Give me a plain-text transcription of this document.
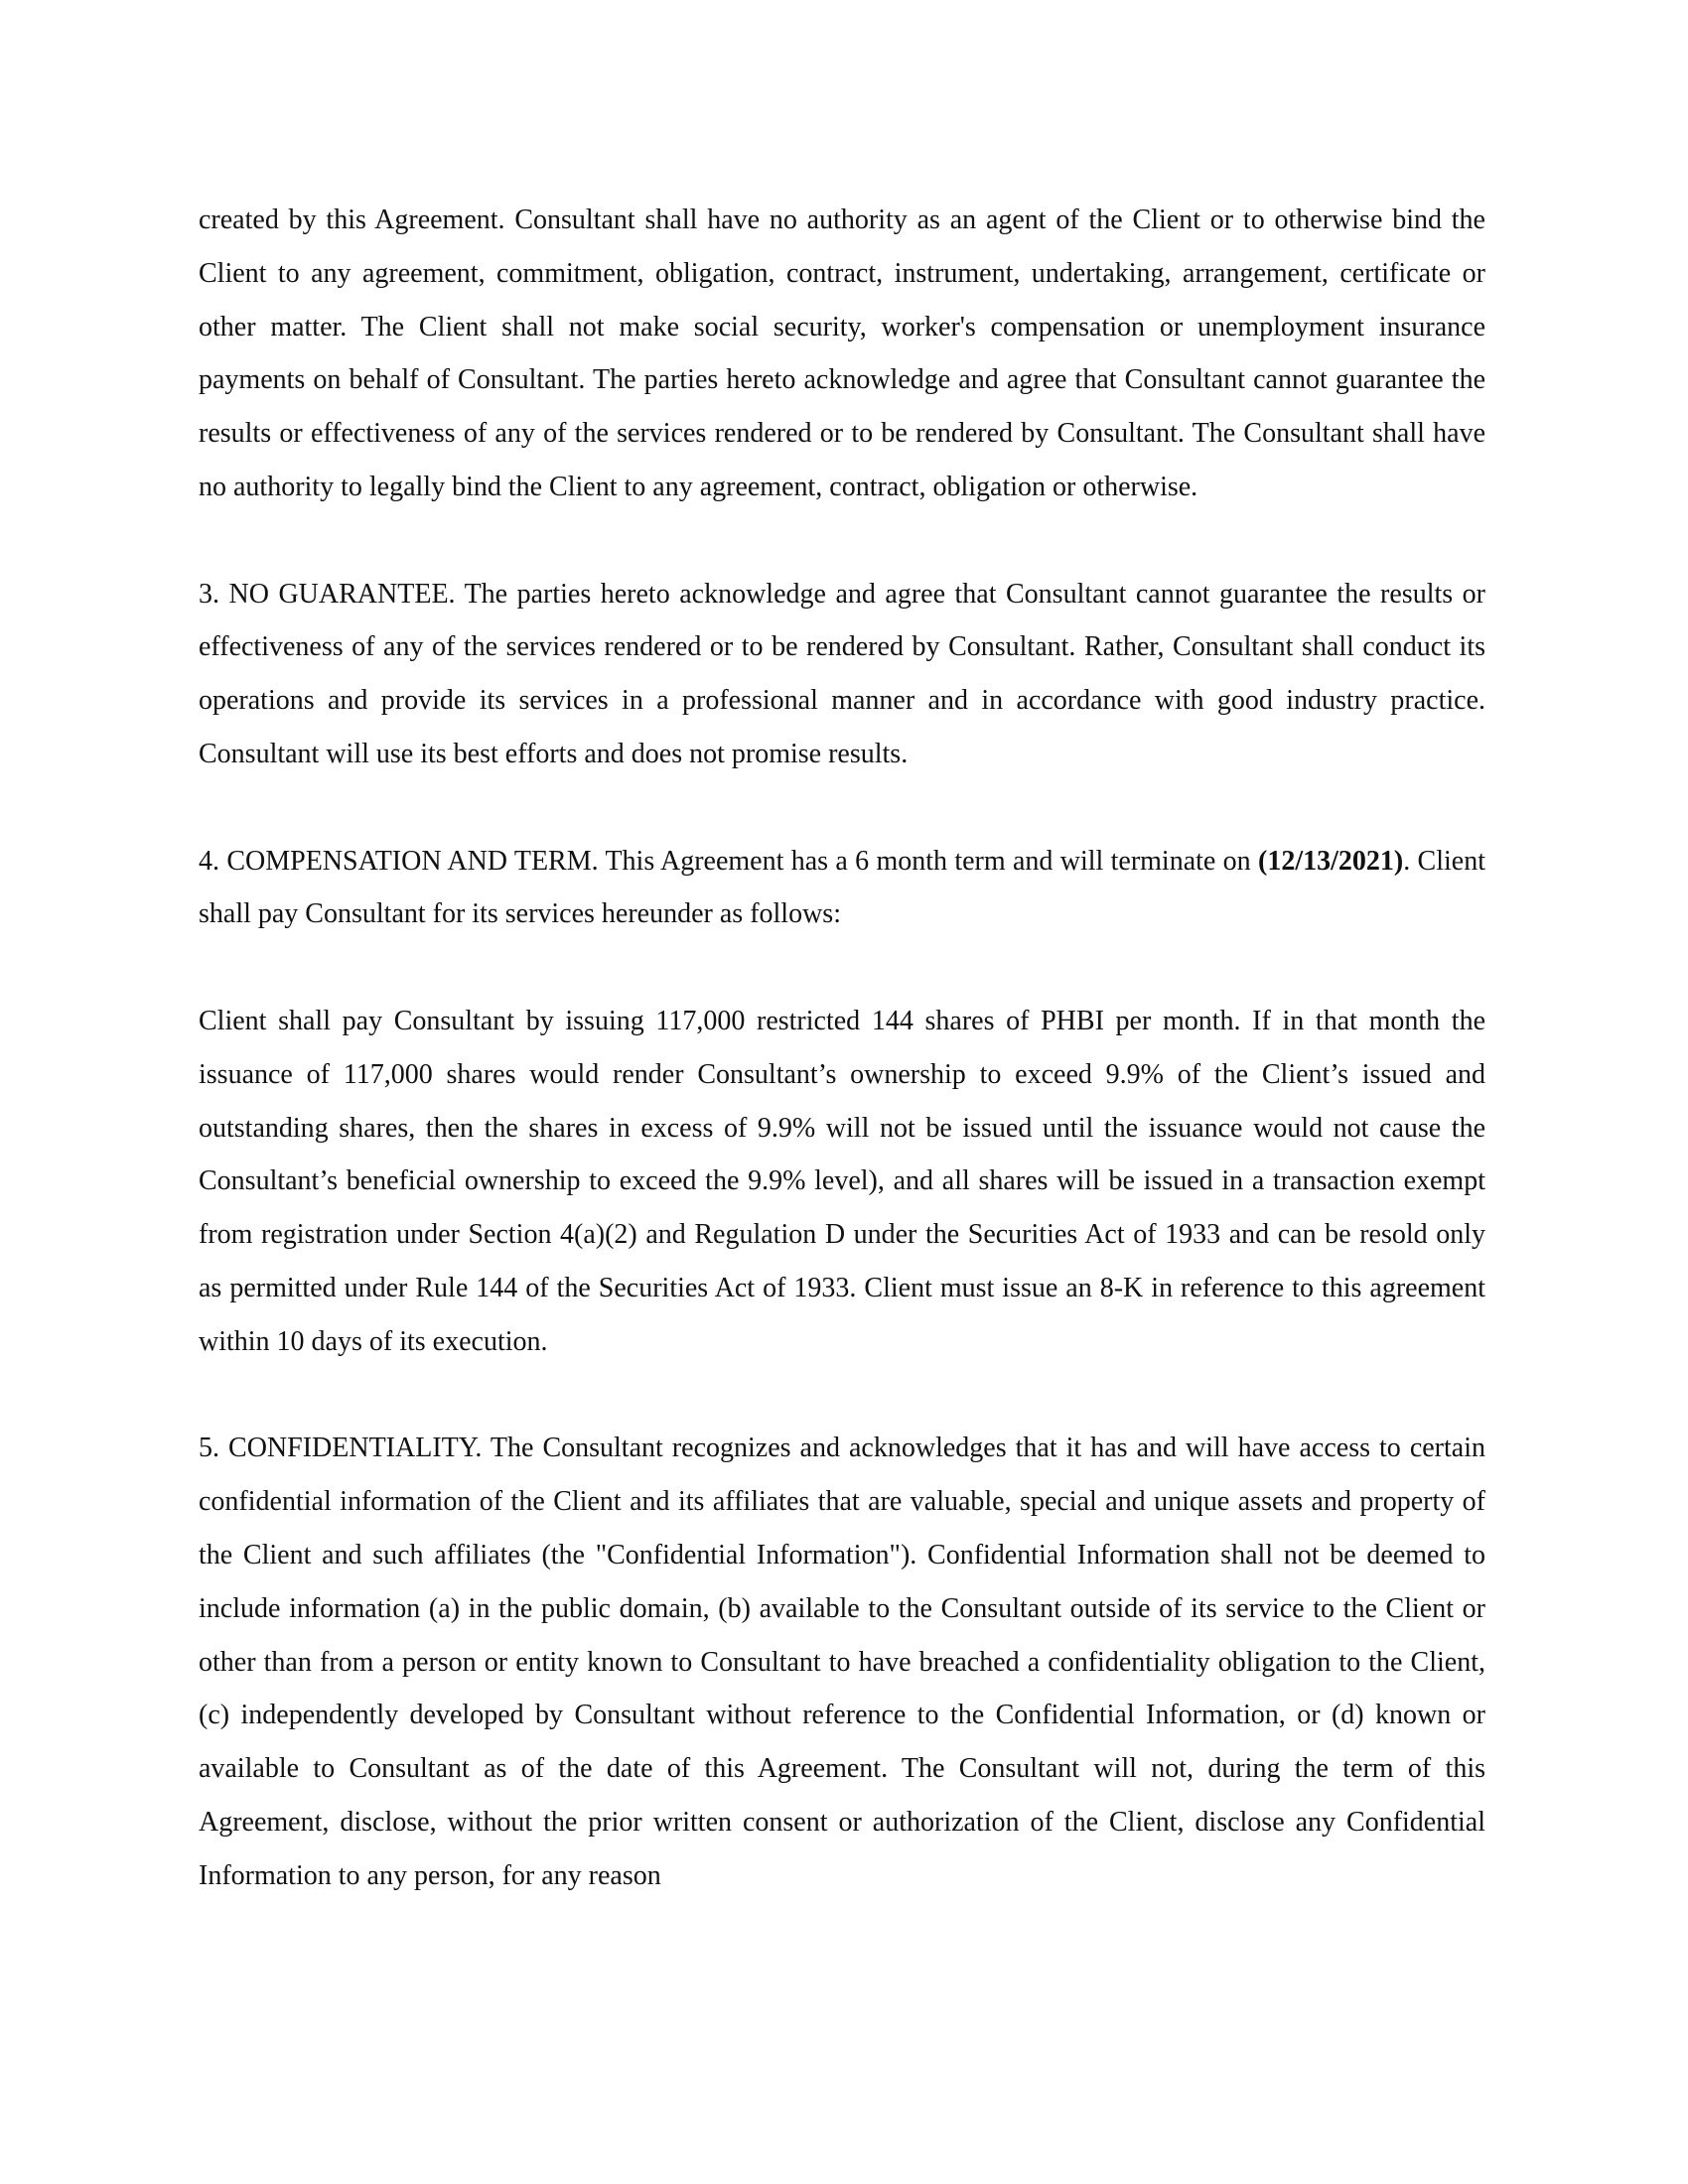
created by this Agreement. Consultant shall have no authority as an agent of the Client or to otherwise bind the Client to any agreement, commitment, obligation, contract, instrument, undertaking, arrangement, certificate or other matter. The Client shall not make social security, worker's compensation or unemployment insurance payments on behalf of Consultant. The parties hereto acknowledge and agree that Consultant cannot guarantee the results or effectiveness of any of the services rendered or to be rendered by Consultant. The Consultant shall have no authority to legally bind the Client to any agreement, contract, obligation or otherwise.

3. NO GUARANTEE. The parties hereto acknowledge and agree that Consultant cannot guarantee the results or effectiveness of any of the services rendered or to be rendered by Consultant. Rather, Consultant shall conduct its operations and provide its services in a professional manner and in accordance with good industry practice. Consultant will use its best efforts and does not promise results.

4. COMPENSATION AND TERM. This Agreement has a 6 month term and will terminate on (12/13/2021). Client shall pay Consultant for its services hereunder as follows:

Client shall pay Consultant by issuing 117,000 restricted 144 shares of PHBI per month. If in that month the issuance of 117,000 shares would render Consultant’s ownership to exceed 9.9% of the Client’s issued and outstanding shares, then the shares in excess of 9.9% will not be issued until the issuance would not cause the Consultant’s beneficial ownership to exceed the 9.9% level), and all shares will be issued in a transaction exempt from registration under Section 4(a)(2) and Regulation D under the Securities Act of 1933 and can be resold only as permitted under Rule 144 of the Securities Act of 1933. Client must issue an 8-K in reference to this agreement within 10 days of its execution.

5. CONFIDENTIALITY. The Consultant recognizes and acknowledges that it has and will have access to certain confidential information of the Client and its affiliates that are valuable, special and unique assets and property of the Client and such affiliates (the "Confidential Information"). Confidential Information shall not be deemed to include information (a) in the public domain, (b) available to the Consultant outside of its service to the Client or other than from a person or entity known to Consultant to have breached a confidentiality obligation to the Client, (c) independently developed by Consultant without reference to the Confidential Information, or (d) known or available to Consultant as of the date of this Agreement. The Consultant will not, during the term of this Agreement, disclose, without the prior written consent or authorization of the Client, disclose any Confidential Information to any person, for any reason
